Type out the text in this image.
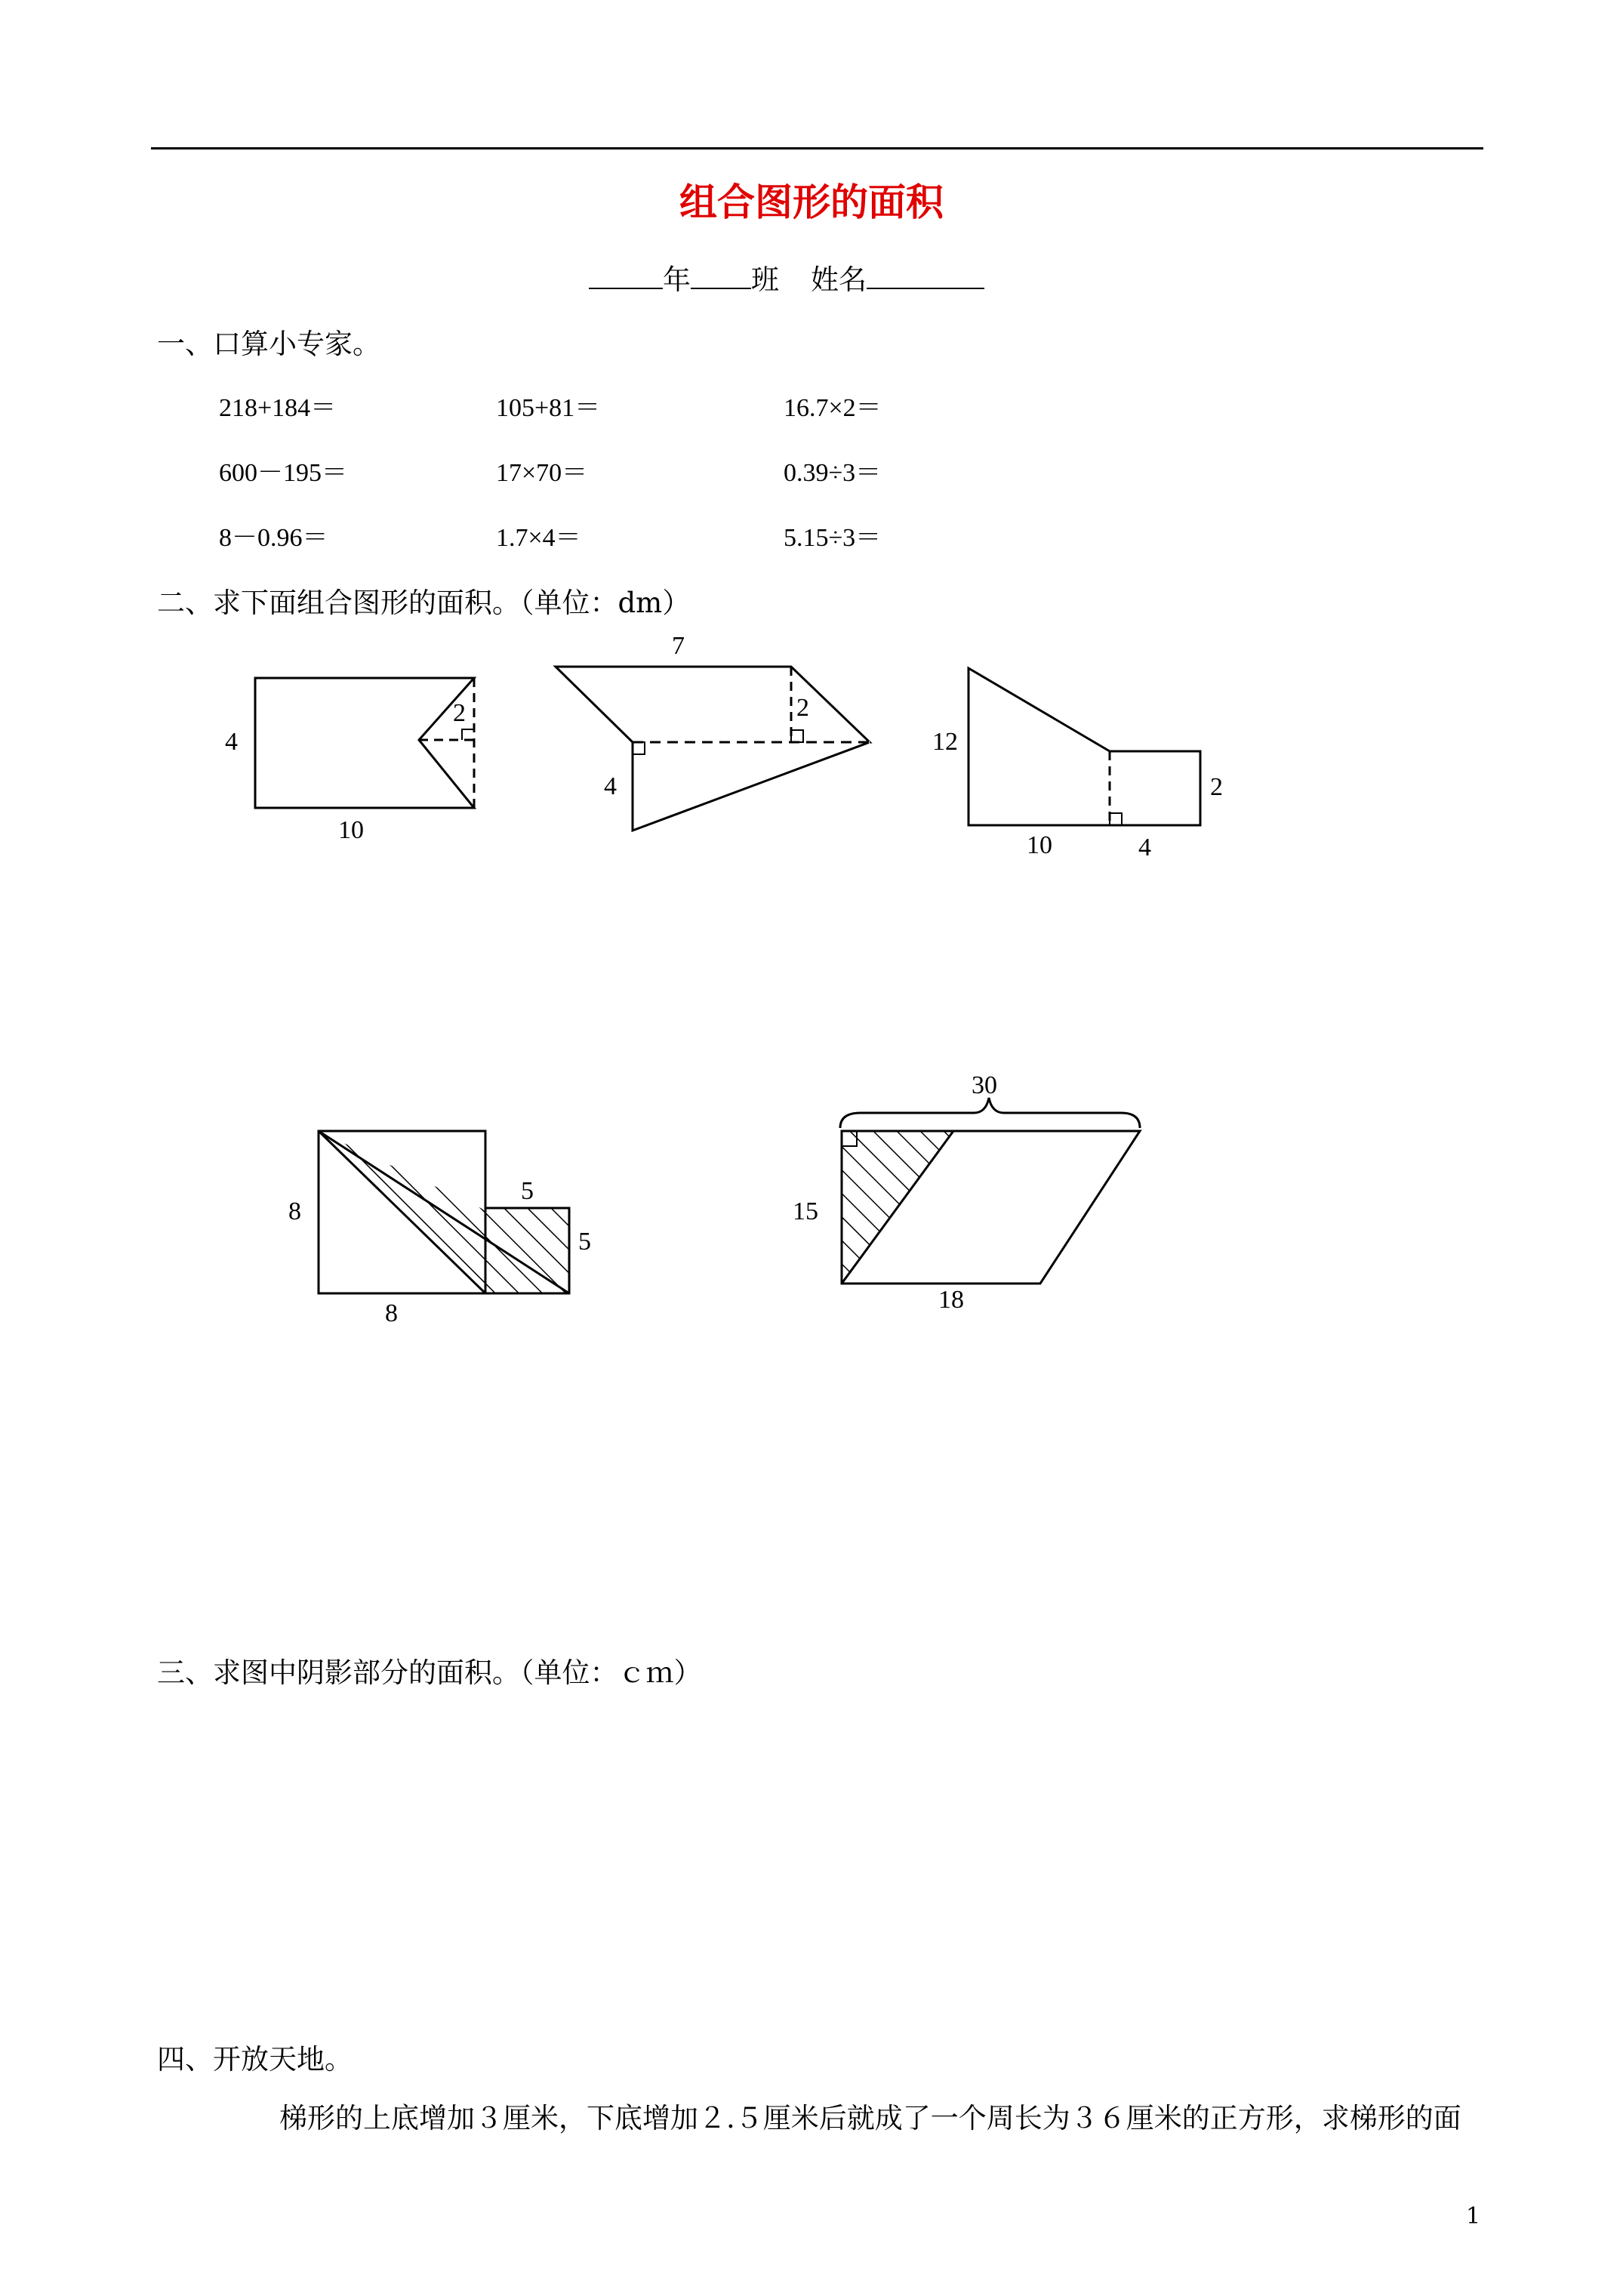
组合图形的面积
年 班 姓名
一、口算小专家。
218+184＝	105+81＝	16.7×2＝
600－195＝	17×70＝	0.39÷3＝
8－0.96＝	1.7×4＝	5.15÷3＝
二、求下面组合图形的面积。（单位：dm）
4
10
2
7
2
4
12
2
10	4
8
5
5
8
30
15
18
三、求图中阴影部分的面积。（单位：ｃｍ）
四、开放天地。
梯形的上底增加３厘米，下底增加２.５厘米后就成了一个周长为３６厘米的正方形，求梯形的面
1
